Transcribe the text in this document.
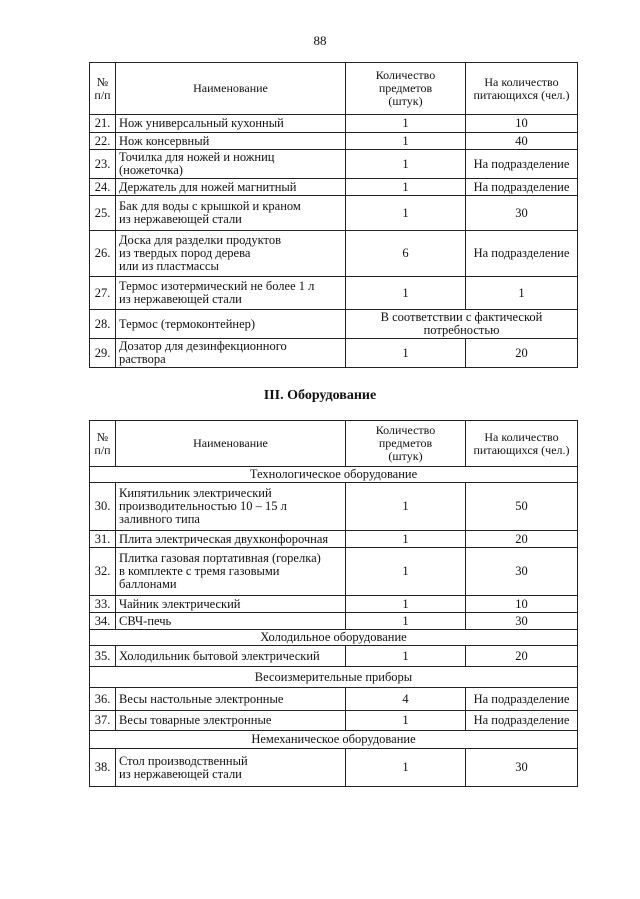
88
№
п/п	Наименование	Количество
предметов
(штук)	На количество
питающихся (чел.)
21.	Нож универсальный кухонный	1	10
22.	Нож консервный	1	40
23.	Точилка для ножей и ножниц
(ножеточка)	1	На подразделение
24.	Держатель для ножей магнитный	1	На подразделение
25.	Бак для воды с крышкой и краном
из нержавеющей стали	1	30
26.	Доска для разделки продуктов
из твердых пород дерева
или из пластмассы	6	На подразделение
27.	Термос изотермический не более 1 л
из нержавеющей стали	1	1
28.	Термос (термоконтейнер)	В соответствии с фактической
потребностью	
29.	Дозатор для дезинфекционного
раствора	1	20
III. Оборудование
№
п/п	Наименование	Количество
предметов
(штук)	На количество
питающихся (чел.)
Технологическое оборудование			
30.	Кипятильник электрический
производительностью 10 – 15 л
заливного типа	1	50
31.	Плита электрическая двухконфорочная	1	20
32.	Плитка газовая портативная (горелка)
в комплекте с тремя газовыми
баллонами	1	30
33.	Чайник электрический	1	10
34.	СВЧ-печь	1	30
Холодильное оборудование			
35.	Холодильник бытовой электрический	1	20
Весоизмерительные приборы			
36.	Весы настольные электронные	4	На подразделение
37.	Весы товарные электронные	1	На подразделение
Немеханическое оборудование			
38.	Стол производственный
из нержавеющей стали	1	30
